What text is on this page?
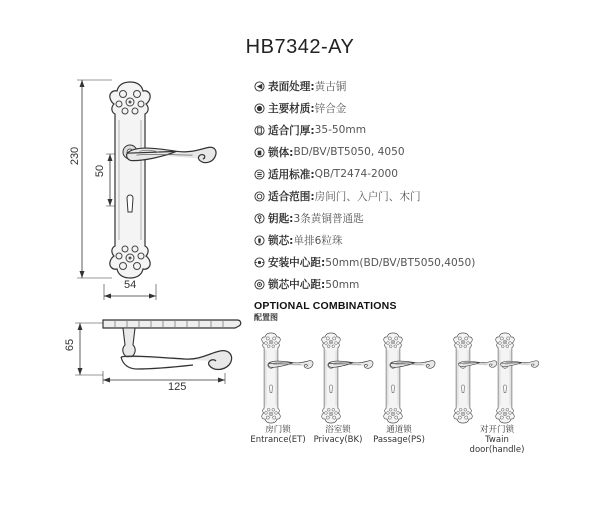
HB7342-AY
230
50
54
65
125
表面处理: 黄古铜
主要材质: 锌合金
适合门厚: 35-50mm
锁体: BD/BV/BT5050, 4050
适用标准: QB/T2474-2000
适合范围: 房间门、入户门、木门
钥匙: 3条黄铜普通匙
锁芯: 单排6粒珠
安装中心距: 50mm(BD/BV/BT5050,4050)
锁芯中心距: 50mm
OPTIONAL COMBINATIONS
配置图
房门锁
Entrance(ET)
浴室锁
Privacy(BK)
通道锁
Passage(PS)
对开门锁
Twain door(handle)
